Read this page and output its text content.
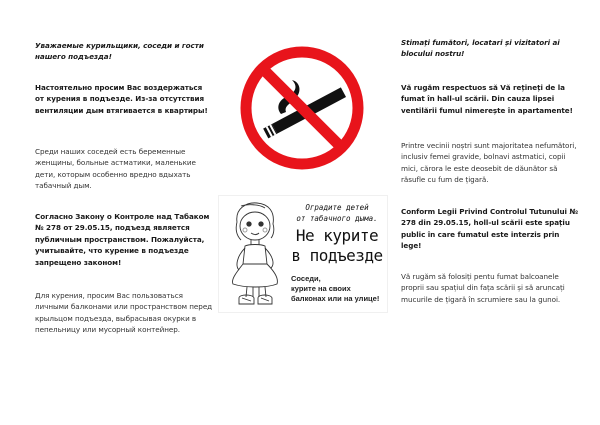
Уважаемые курильщики, соседи и гости нашего подъезда!

Настоятельно просим Вас воздержаться от курения в подъезде. Из-за отсутствия вентиляции дым втягивается в квартиры!

Среди наших соседей есть беременные женщины, больные астматики, маленькие дети, которым особенно вредно вдыхать табачный дым.

Согласно Закону о Контроле над Табаком № 278 от 29.05.15, подъезд является публичным пространством. Пожалуйста, учитывайте, что курение в подъезде запрещено законом!

Для курения, просим Вас пользоваться личными балконами или пространством перед крыльцом подъезда, выбрасывая окурки в пепельницу или мусорный контейнер.

Оградите детей
от табачного дыма.
Не курите
в подъезде
Соседи,
курите на своих
балконах или на улице!

Stimați fumători, locatari și vizitatori ai blocului nostru!

Vă rugăm respectuos să Vă rețineți de la fumat în hall-ul scării. Din cauza lipsei ventilării fumul nimerește în apartamente!

Printre vecinii noștri sunt majoritatea nefumători, inclusiv femei gravide, bolnavi astmatici, copii mici, cărora le este deosebit de dăunător să răsufle cu fum de țigară.

Conform Legii Privind Controlul Tutunului № 278 din 29.05.15, holl-ul scării este spațiu public în care fumatul este interzis prin lege!

Vă rugăm să folosiți pentu fumat balcoanele proprii sau spațiul din fața scării și să aruncați mucurile de țigară în scrumiere sau la gunoi.
